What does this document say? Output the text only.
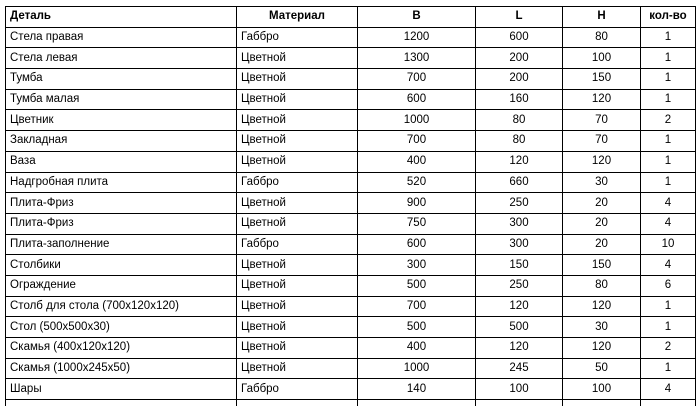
Деталь	Материал	B	L	H	кол-во
Стела правая	Габбро	1200	600	80	1
Стела левая	Цветной	1300	200	100	1
Тумба	Цветной	700	200	150	1
Тумба малая	Цветной	600	160	120	1
Цветник	Цветной	1000	80	70	2
Закладная	Цветной	700	80	70	1
Ваза	Цветной	400	120	120	1
Надгробная плита	Габбро	520	660	30	1
Плита-Фриз	Цветной	900	250	20	4
Плита-Фриз	Цветной	750	300	20	4
Плита-заполнение	Габбро	600	300	20	10
Столбики	Цветной	300	150	150	4
Ограждение	Цветной	500	250	80	6
Столб для стола (700x120x120)	Цветной	700	120	120	1
Стол (500x500x30)	Цветной	500	500	30	1
Скамья (400x120x120)	Цветной	400	120	120	2
Скамья (1000x245x50)	Цветной	1000	245	50	1
Шары	Габбро	140	100	100	4
